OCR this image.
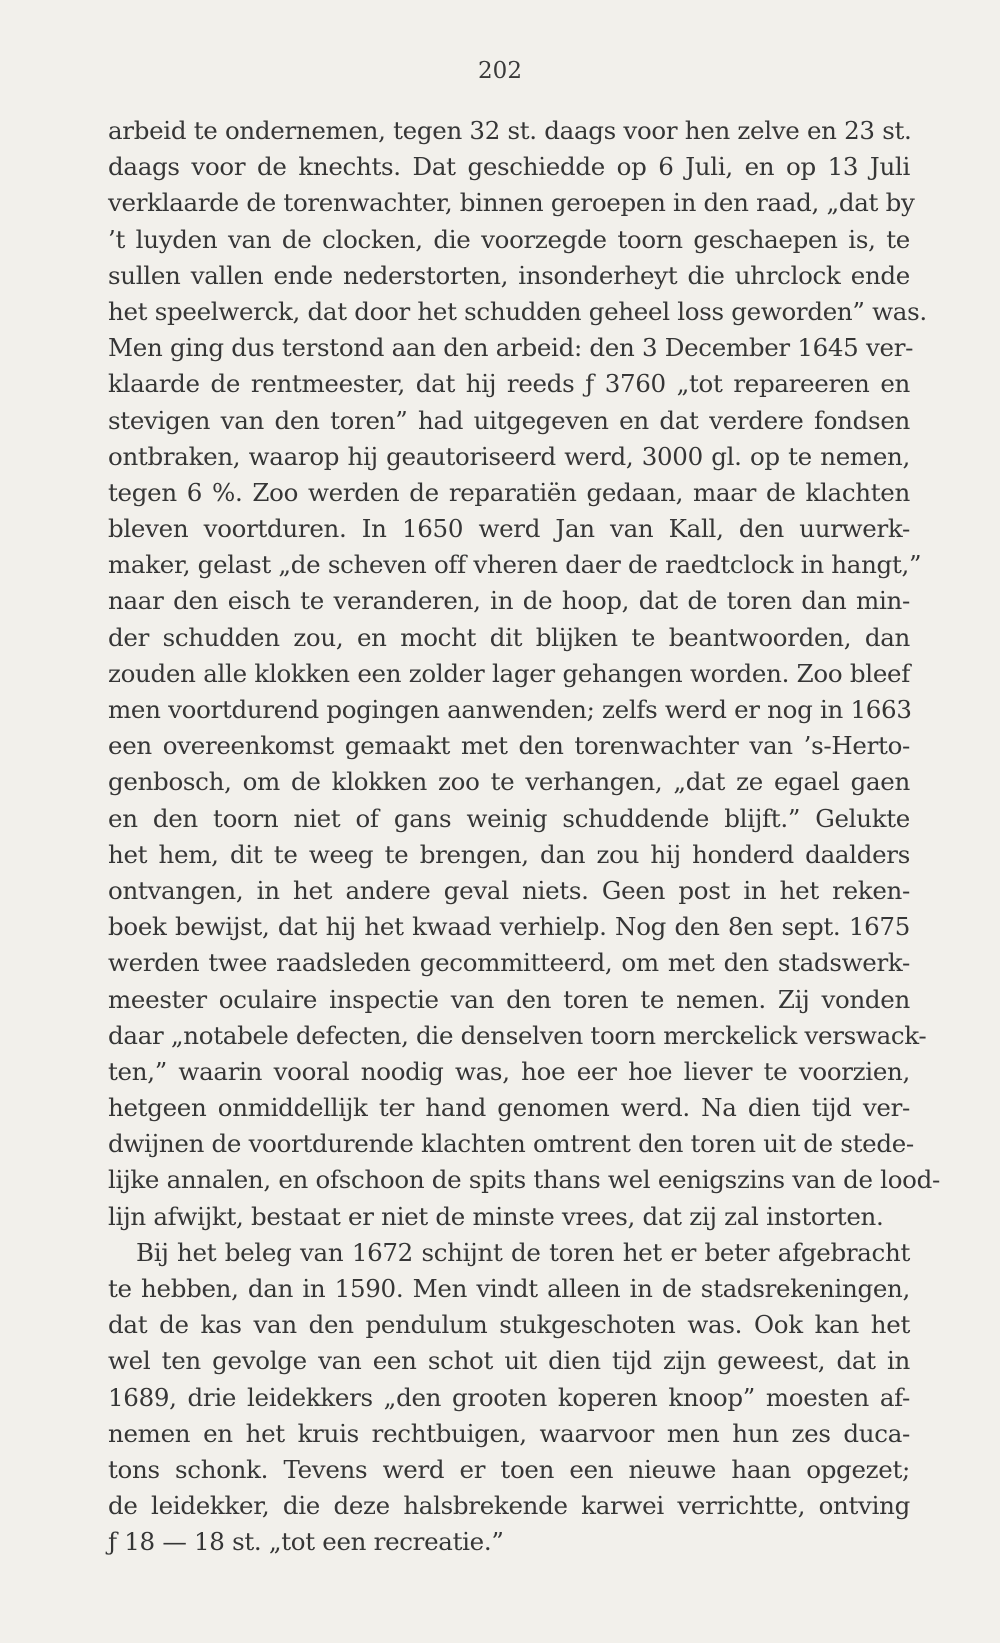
202
arbeid te ondernemen, tegen 32 st. daags voor hen zelve en 23 st.
daags voor de knechts. Dat geschiedde op 6 Juli, en op 13 Juli
verklaarde de torenwachter, binnen geroepen in den raad, „dat by
’t luyden van de clocken, die voorzegde toorn geschaepen is, te
sullen vallen ende nederstorten, insonderheyt die uhrclock ende
het speelwerck, dat door het schudden geheel loss geworden” was.
Men ging dus terstond aan den arbeid: den 3 December 1645 ver-
klaarde de rentmeester, dat hij reeds ƒ 3760 „tot repareeren en
stevigen van den toren” had uitgegeven en dat verdere fondsen
ontbraken, waarop hij geautoriseerd werd, 3000 gl. op te nemen,
tegen 6 %. Zoo werden de reparatiën gedaan, maar de klachten
bleven voortduren. In 1650 werd Jan van Kall, den uurwerk-
maker, gelast „de scheven off vheren daer de raedtclock in hangt,”
naar den eisch te veranderen, in de hoop, dat de toren dan min-
der schudden zou, en mocht dit blijken te beantwoorden, dan
zouden alle klokken een zolder lager gehangen worden. Zoo bleef
men voortdurend pogingen aanwenden; zelfs werd er nog in 1663
een overeenkomst gemaakt met den torenwachter van ’s-Herto-
genbosch, om de klokken zoo te verhangen, „dat ze egael gaen
en den toorn niet of gans weinig schuddende blijft.” Gelukte
het hem, dit te weeg te brengen, dan zou hij honderd daalders
ontvangen, in het andere geval niets. Geen post in het reken-
boek bewijst, dat hij het kwaad verhielp. Nog den 8en sept. 1675
werden twee raadsleden gecommitteerd, om met den stadswerk-
meester oculaire inspectie van den toren te nemen. Zij vonden
daar „notabele defecten, die denselven toorn merckelick verswack-
ten,” waarin vooral noodig was, hoe eer hoe liever te voorzien,
hetgeen onmiddellijk ter hand genomen werd. Na dien tijd ver-
dwijnen de voortdurende klachten omtrent den toren uit de stede-
lijke annalen, en ofschoon de spits thans wel eenigszins van de lood-
lijn afwijkt, bestaat er niet de minste vrees, dat zij zal instorten.
Bij het beleg van 1672 schijnt de toren het er beter afgebracht
te hebben, dan in 1590. Men vindt alleen in de stadsrekeningen,
dat de kas van den pendulum stukgeschoten was. Ook kan het
wel ten gevolge van een schot uit dien tijd zijn geweest, dat in
1689, drie leidekkers „den grooten koperen knoop” moesten af-
nemen en het kruis rechtbuigen, waarvoor men hun zes duca-
tons schonk. Tevens werd er toen een nieuwe haan opgezet;
de leidekker, die deze halsbrekende karwei verrichtte, ontving
ƒ 18 — 18 st. „tot een recreatie.”
